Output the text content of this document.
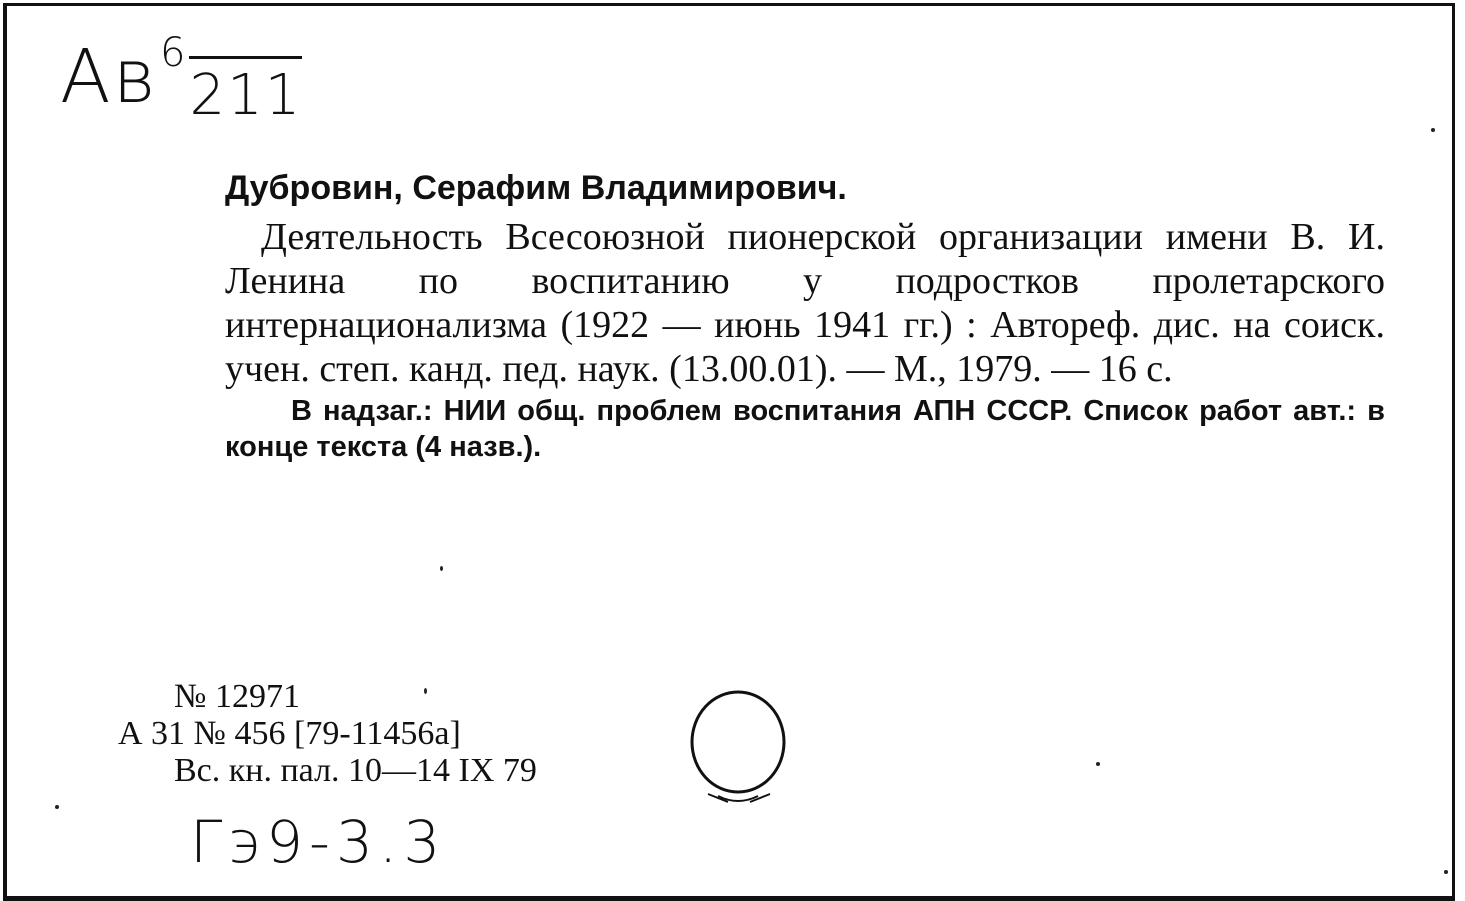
$Ав^6_{211}$
Дубровин, Серафим Владимирович.

Деятельность Всесоюзной пионерской организации имени В. И. Ленина по воспитанию у подростков пролетарского интернационализма (1922 — июнь 1941 гг.) : Автореф. дис. на соиск. учен. степ. канд. пед. наук. (13.00.01). — М., 1979. — 16 с.

В надзаг.: НИИ общ. проблем воспитания АПН СССР. Список работ авт.: в конце текста (4 назв.).

№ 12971
А 31 № 456 [79-11456а]
Вс. кн. пал. 10—14 IX 79
Гэ9-3.3
